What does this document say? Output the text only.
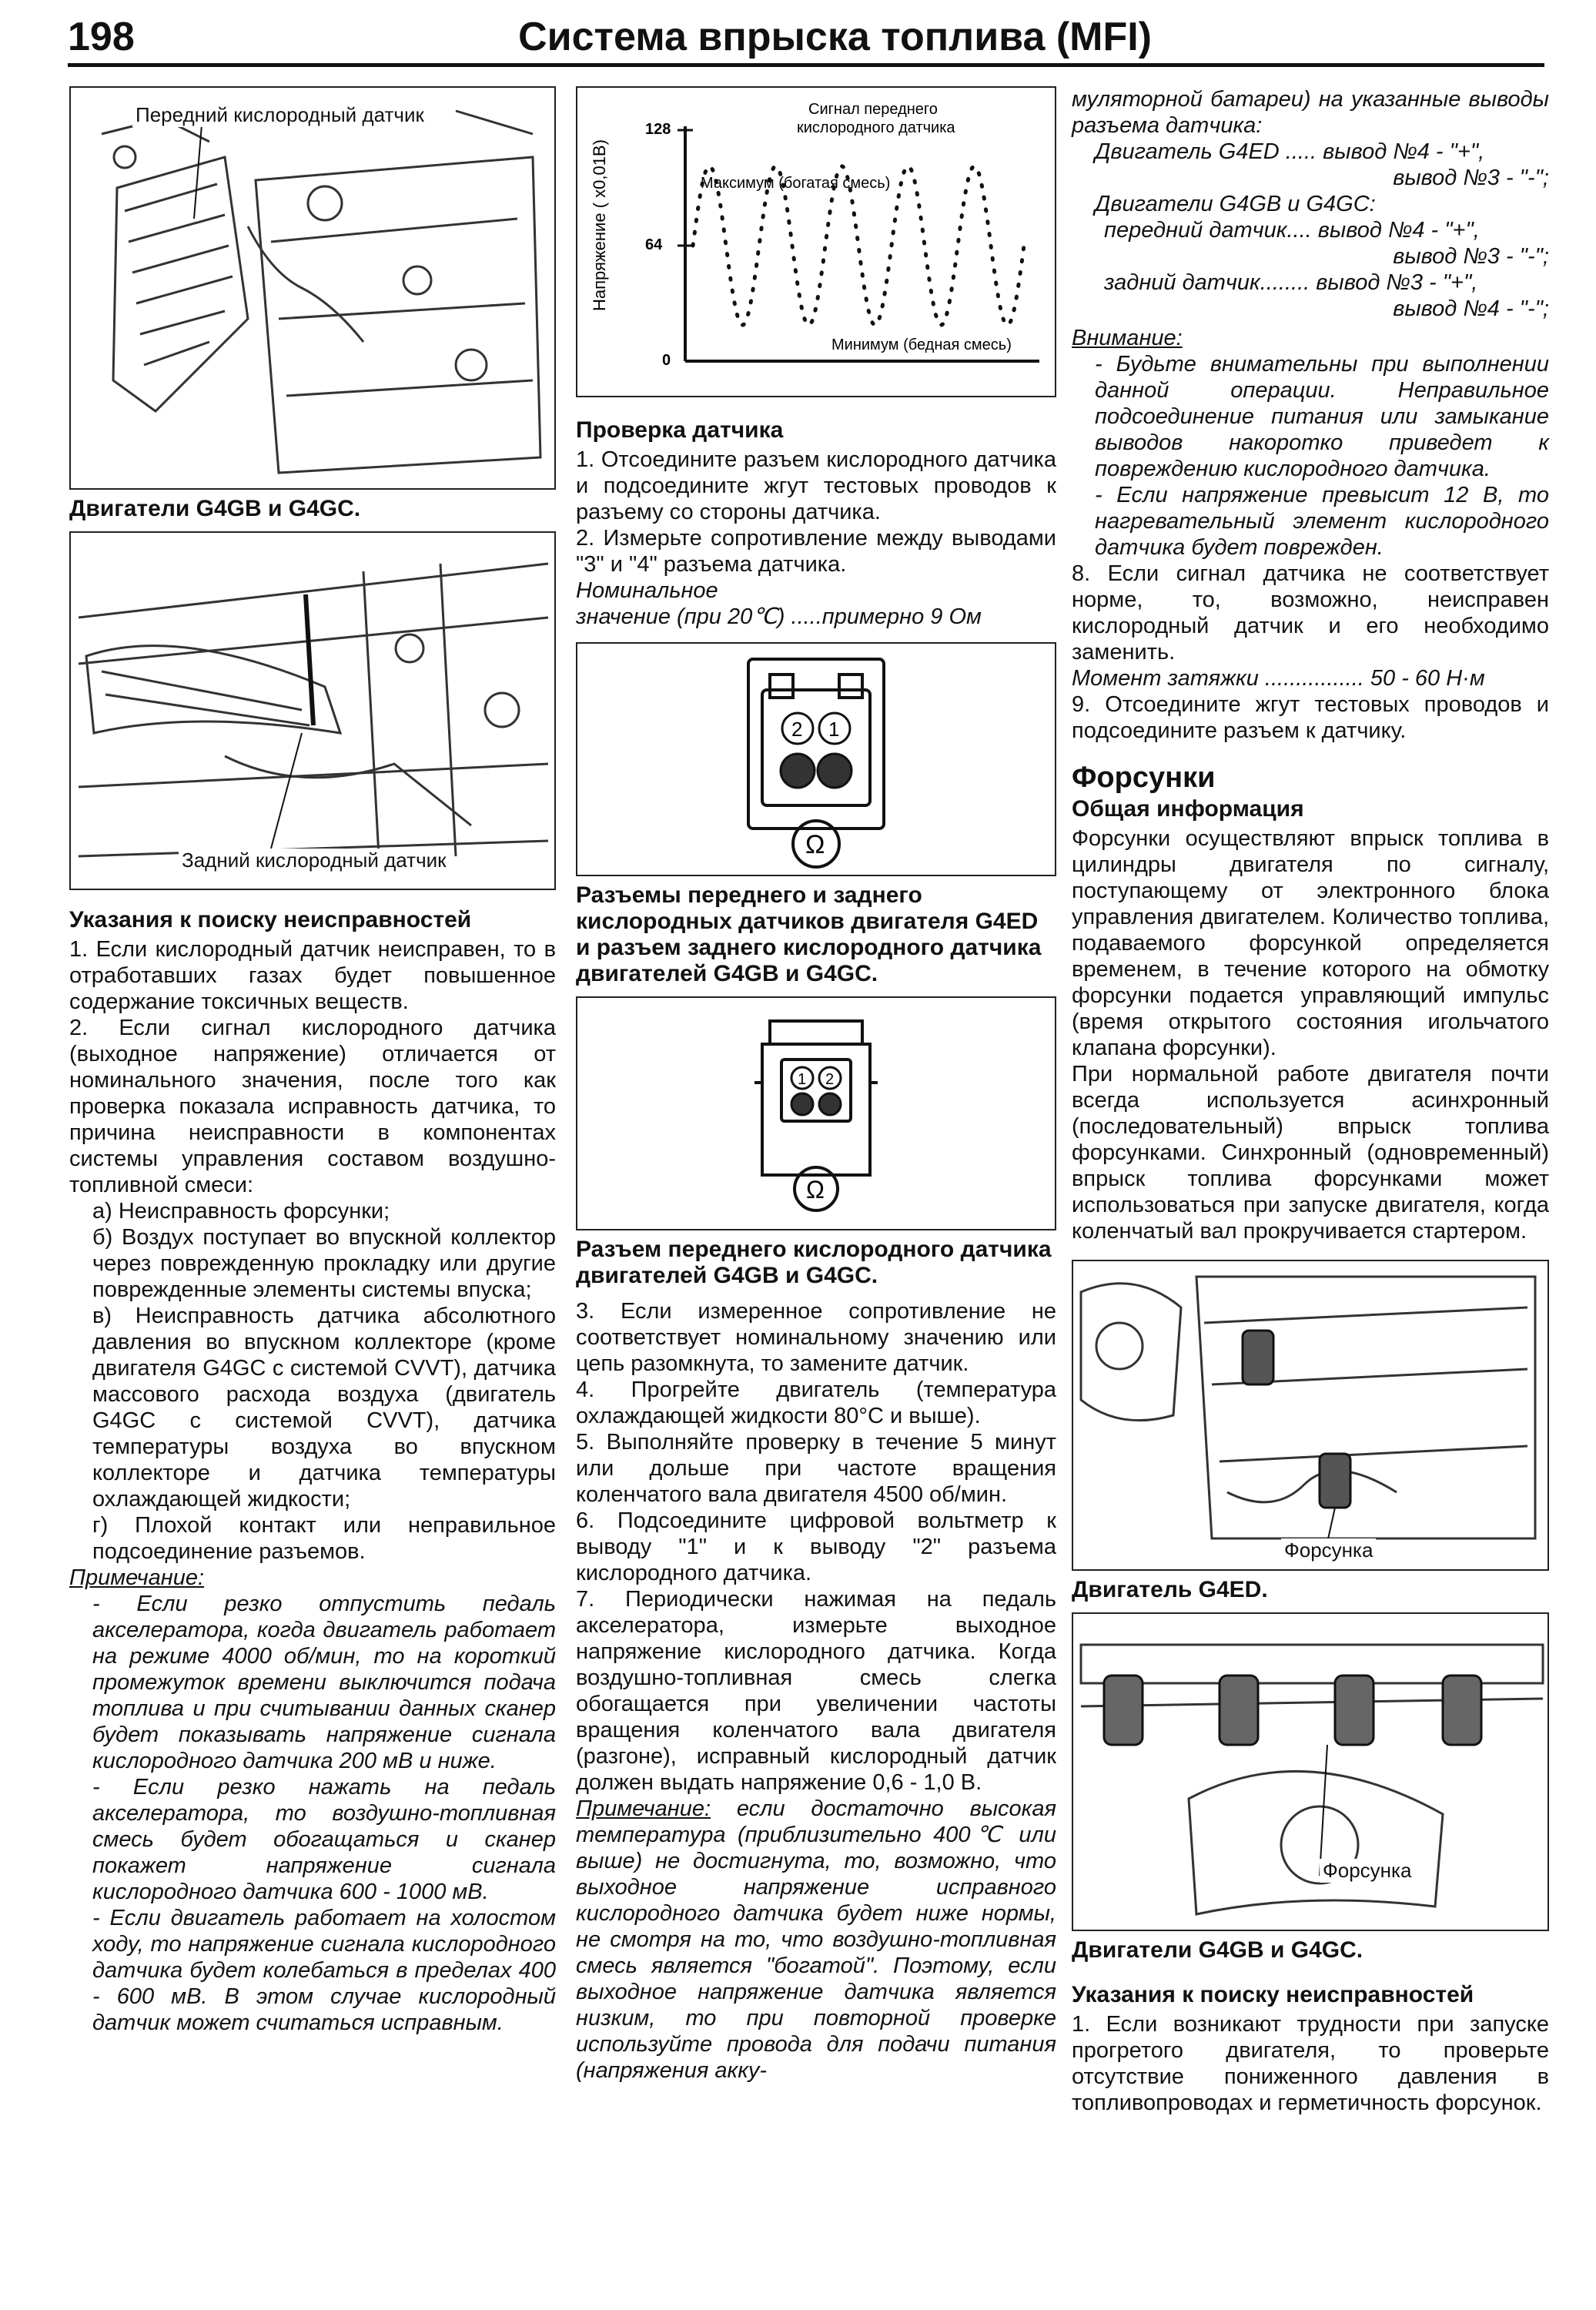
198	Система впрыска топлива (MFI)
Передний кислородный датчик
Двигатели G4GB и G4GC.
Задний кислородный датчик
Указания к поиску неисправностей

1. Если кислородный датчик неисправен, то в отработавших газах будет повышенное содержание токсичных веществ.

2. Если сигнал кислородного датчика (выходное напряжение) отличается от номинального значения, после того как проверка показала исправность датчика, то причина неисправности в компонентах системы управления составом воздушно-топливной смеси:

а) Неисправность форсунки;

б) Воздух поступает во впускной коллектор через поврежденную прокладку или другие поврежденные элементы системы впуска;

в) Неисправность датчика абсолютного давления во впускном коллекторе (кроме двигателя G4GC с системой CVVT), датчика массового расхода воздуха (двигатель G4GC с системой CVVT), датчика температуры воздуха во впускном коллекторе и датчика температуры охлаждающей жидкости;

г) Плохой контакт или неправильное подсоединение разъемов.

Примечание:

- Если резко отпустить педаль акселератора, когда двигатель работает на режиме 4000 об/мин, то на короткий промежуток времени выключится подача топлива и при считывании данных сканер будет показывать напряжение сигнала кислородного датчика 200 мВ и ниже.

- Если резко нажать на педаль акселератора, то воздушно-топливная смесь будет обогащаться и сканер покажет напряжение сигнала кислородного датчика 600 - 1000 мВ.

- Если двигатель работает на холостом ходу, то напряжение сигнала кислородного датчика будет колебаться в пределах 400 - 600 мВ. В этом случае кислородный датчик может считаться исправным.

Напряжение ( x0,01В)
Сигнал переднего кислородного датчика
128
64
0
Максимум (богатая смесь)
Минимум (бедная смесь)
Проверка датчика

1. Отсоедините разъем кислородного датчика и подсоедините жгут тестовых проводов к разъему со стороны датчика.

2. Измерьте сопротивление между выводами "3" и "4" разъема датчика.

Номинальное

значение (при 20℃) .....примерно 9 Ом

2 1
Ω
Разъемы переднего и заднего кислородных датчиков двигателя G4ED и разъем заднего кислородного датчика двигателей G4GB и G4GC.
1 2
Ω
Разъем переднего кислородного датчика двигателей G4GB и G4GC.

3. Если измеренное сопротивление не соответствует номинальному значению или цепь разомкнута, то замените датчик.

4. Прогрейте двигатель (температура охлаждающей жидкости 80°С и выше).

5. Выполняйте проверку в течение 5 минут или дольше при частоте вращения коленчатого вала двигателя 4500 об/мин.

6. Подсоедините цифровой вольтметр к выводу "1" и к выводу "2" разъема кислородного датчика.

7. Периодически нажимая на педаль акселератора, измерьте выходное напряжение кислородного датчика. Когда воздушно-топливная смесь слегка обогащается при увеличении частоты вращения коленчатого вала двигателя (разгоне), исправный кислородный датчик должен выдать напряжение 0,6 - 1,0 В.

Примечание: если достаточно высокая температура (приблизительно 400℃ или выше) не достигнута, то, возможно, что выходное напряжение исправного кислородного датчика будет ниже нормы, не смотря на то, что воздушно-топливная смесь является "богатой". Поэтому, если выходное напряжение датчика является низким, то при повторной проверке используйте провода для подачи питания (напряжения акку-

муляторной батареи) на указанные выводы разъема датчика:

Двигатель G4ED ..... вывод №4 - "+",

вывод №3 - "-";

Двигатели G4GB и G4GC:

передний датчик.... вывод №4 - "+",

вывод №3 - "-";

задний датчик........ вывод №3 - "+",

вывод №4 - "-";

Внимание:

- Будьте внимательны при выполнении данной операции. Неправильное подсоединение питания или замыкание выводов накоротко приведет к повреждению кислородного датчика.

- Если напряжение превысит 12 В, то нагревательный элемент кислородного датчика будет поврежден.

8. Если сигнал датчика не соответствует норме, то, возможно, неисправен кислородный датчик и его необходимо заменить.

Момент затяжки ................ 50 - 60 Н·м

9. Отсоедините жгут тестовых проводов и подсоедините разъем к датчику.

Форсунки
Общая информация

Форсунки осуществляют впрыск топлива в цилиндры двигателя по сигналу, поступающему от электронного блока управления двигателем. Количество топлива, подаваемого форсункой определяется временем, в течение которого на обмотку форсунки подается управляющий импульс (время открытого состояния игольчатого клапана форсунки).

При нормальной работе двигателя почти всегда используется асинхронный (последовательный) впрыск топлива форсунками. Синхронный (одновременный) впрыск топлива форсунками может использоваться при запуске двигателя, когда коленчатый вал прокручивается стартером.

Форсунка
Двигатель G4ED.
Форсунка
Двигатели G4GB и G4GC.
Указания к поиску неисправностей

1. Если возникают трудности при запуске прогретого двигателя, то проверьте отсутствие пониженного давления в топливопроводах и герметичность форсунок.
